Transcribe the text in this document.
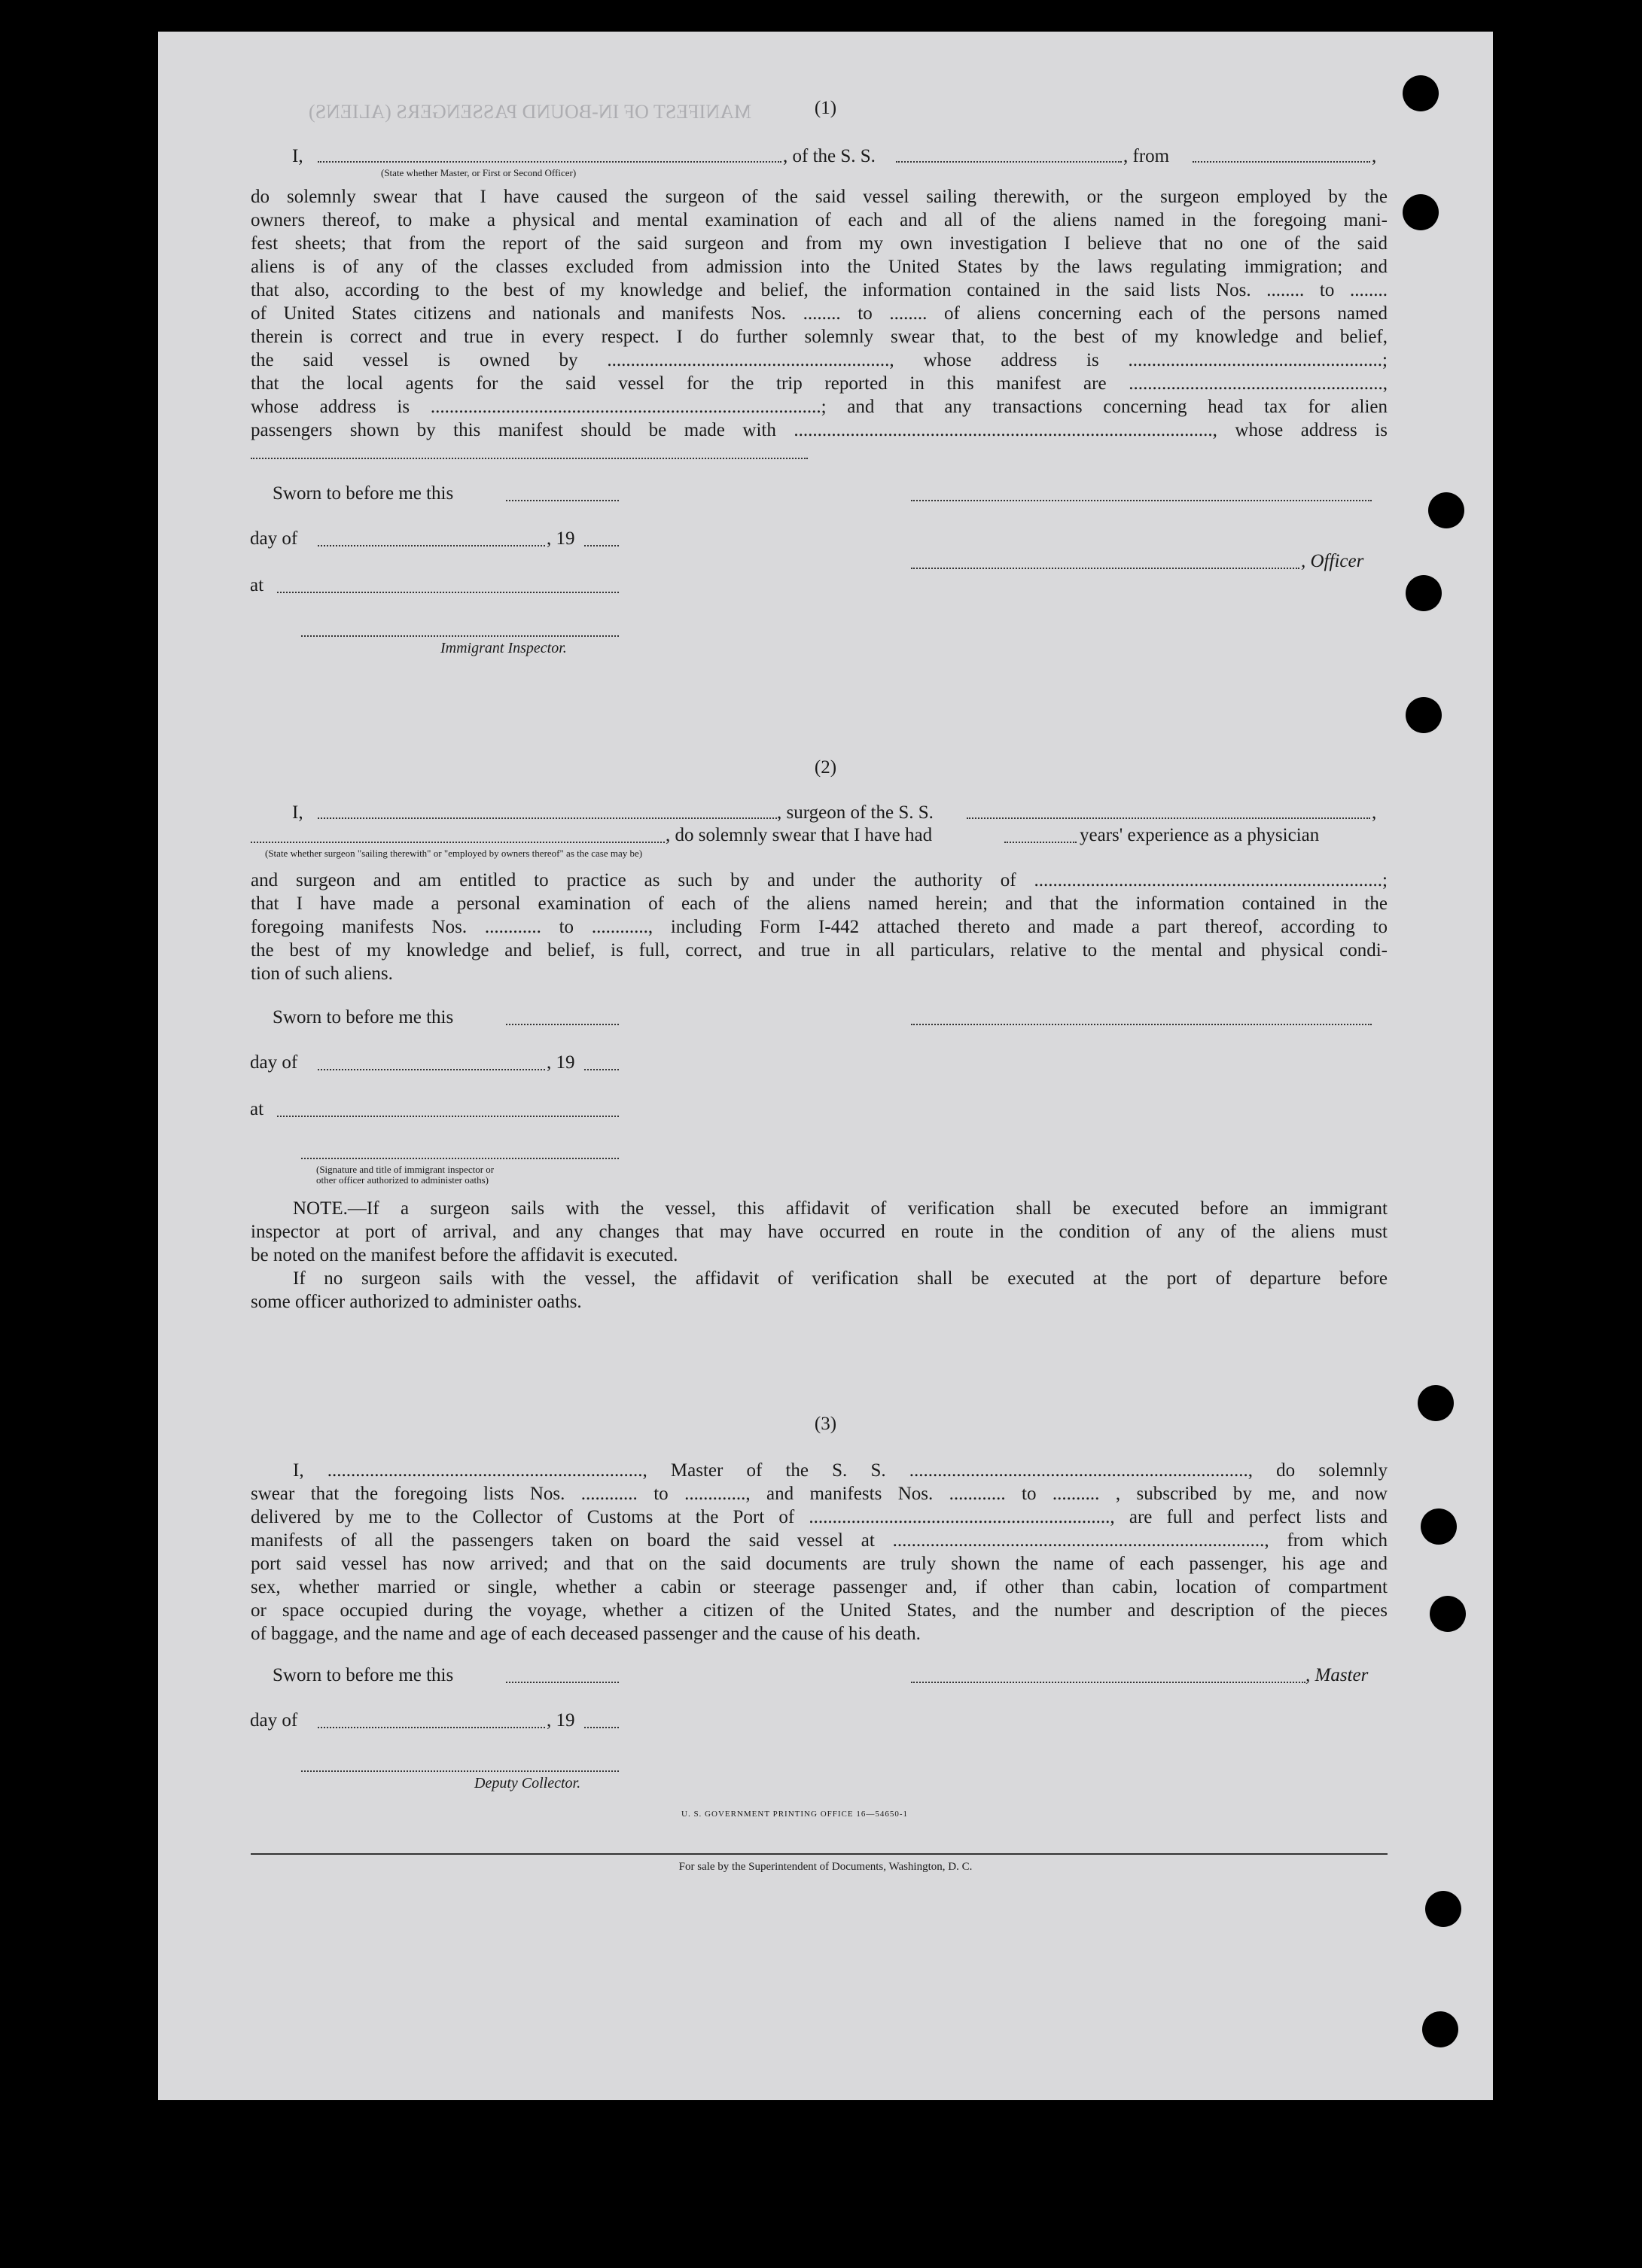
MANIFEST OF IN-BOUND PASSENGERS (ALIENS)	(1)
I,	, of the S. S.	, from	,
(State whether Master, or First or Second Officer)
do solemnly swear that I have caused the surgeon of the said vessel sailing therewith, or the surgeon employed by the
owners thereof, to make a physical and mental examination of each and all of the aliens named in the foregoing mani-
fest sheets; that from the report of the said surgeon and from my own investigation I believe that no one of the said
aliens is of any of the classes excluded from admission into the United States by the laws regulating immigration; and
that also, according to the best of my knowledge and belief, the information contained in the said lists Nos. ........ to ........
of United States citizens and nationals and manifests Nos. ........ to ........ of aliens concerning each of the persons named
therein is correct and true in every respect. I do further solemnly swear that, to the best of my knowledge and belief,
the said vessel is owned by ............................................................, whose address is ......................................................;
that the local agents for the said vessel for the trip reported in this manifest are ......................................................,
whose address is ...................................................................................; and that any transactions concerning head tax for alien
passengers shown by this manifest should be made with ........................................................................................., whose address is
Sworn to before me this
day of	, 19
, Officer
at
Immigrant Inspector.
(2)
I,	, surgeon of the S. S.	,
, do solemnly swear that I have had	years' experience as a physician
(State whether surgeon "sailing therewith" or "employed by owners thereof" as the case may be)
and surgeon and am entitled to practice as such by and under the authority of ..........................................................................;
that I have made a personal examination of each of the aliens named herein; and that the information contained in the
foregoing manifests Nos. ............ to ............, including Form I-442 attached thereto and made a part thereof, according to
the best of my knowledge and belief, is full, correct, and true in all particulars, relative to the mental and physical condi-
tion of such aliens.
Sworn to before me this
day of	, 19
at
(Signature and title of immigrant inspector or
other officer authorized to administer oaths)
NOTE.—If a surgeon sails with the vessel, this affidavit of verification shall be executed before an immigrant
inspector at port of arrival, and any changes that may have occurred en route in the condition of any of the aliens must
be noted on the manifest before the affidavit is executed.
If no surgeon sails with the vessel, the affidavit of verification shall be executed at the port of departure before
some officer authorized to administer oaths.
(3)
I, ..................................................................., Master of the S. S. ........................................................................, do solemnly
swear that the foregoing lists Nos. ............ to ............., and manifests Nos. ............ to .......... , subscribed by me, and now
delivered by me to the Collector of Customs at the Port of ................................................................, are full and perfect lists and
manifests of all the passengers taken on board the said vessel at ..............................................................................., from which
port said vessel has now arrived; and that on the said documents are truly shown the name of each passenger, his age and
sex, whether married or single, whether a cabin or steerage passenger and, if other than cabin, location of compartment
or space occupied during the voyage, whether a citizen of the United States, and the number and description of the pieces
of baggage, and the name and age of each deceased passenger and the cause of his death.
Sworn to before me this	, Master
day of	, 19
Deputy Collector.
U. S. GOVERNMENT PRINTING OFFICE 16—54650-1
For sale by the Superintendent of Documents, Washington, D. C.
